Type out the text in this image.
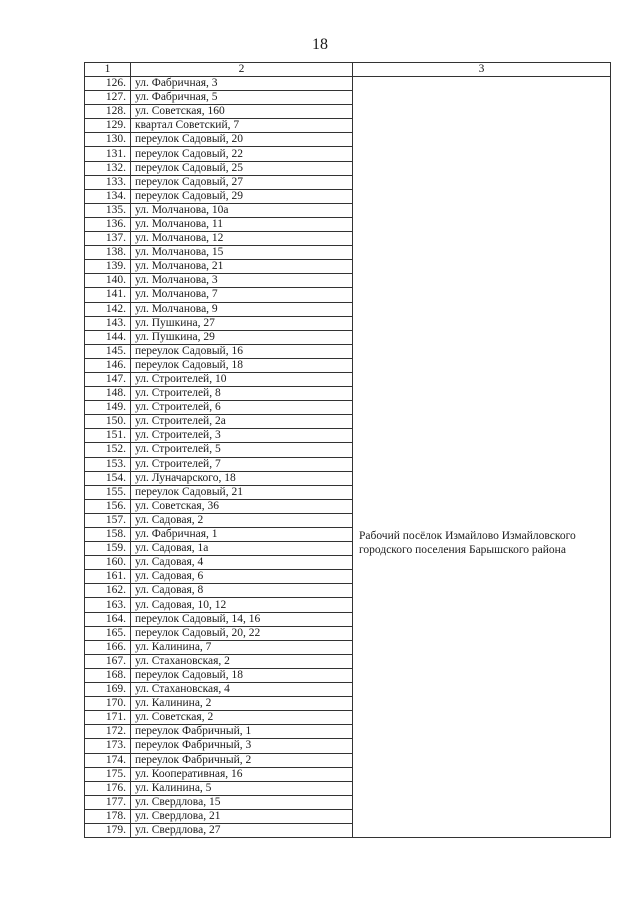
18
1	2	3
126.	ул. Фабричная, 3	Рабочий посёлок Измайлово Измайловского городского поселения Барышского района

127.	ул. Фабричная, 5	
128.	ул. Советская, 160	
129.	квартал Советский, 7	
130.	переулок Садовый, 20	
131.	переулок Садовый, 22	
132.	переулок Садовый, 25	
133.	переулок Садовый, 27	
134.	переулок Садовый, 29	
135.	ул. Молчанова, 10а	
136.	ул. Молчанова, 11	
137.	ул. Молчанова, 12	
138.	ул. Молчанова, 15	
139.	ул. Молчанова, 21	
140.	ул. Молчанова, 3	
141.	ул. Молчанова, 7	
142.	ул. Молчанова, 9	
143.	ул. Пушкина, 27	
144.	ул. Пушкина, 29	
145.	переулок Садовый, 16	
146.	переулок Садовый, 18	
147.	ул. Строителей, 10	
148.	ул. Строителей, 8	
149.	ул. Строителей, 6	
150.	ул. Строителей, 2а	
151.	ул. Строителей, 3	
152.	ул. Строителей, 5	
153.	ул. Строителей, 7	
154.	ул. Луначарского, 18	
155.	переулок Садовый, 21	
156.	ул. Советская, 36	
157.	ул. Садовая, 2	
158.	ул. Фабричная, 1	
159.	ул. Садовая, 1а	
160.	ул. Садовая, 4	
161.	ул. Садовая, 6	
162.	ул. Садовая, 8	
163.	ул. Садовая, 10, 12	
164.	переулок Садовый, 14, 16	
165.	переулок Садовый, 20, 22	
166.	ул. Калинина, 7	
167.	ул. Стахановская, 2	
168.	переулок Садовый, 18	
169.	ул. Стахановская, 4	
170.	ул. Калинина, 2	
171.	ул. Советская, 2	
172.	переулок Фабричный, 1	
173.	переулок Фабричный, 3	
174.	переулок Фабричный, 2	
175.	ул. Кооперативная, 16	
176.	ул. Калинина, 5	
177.	ул. Свердлова, 15	
178.	ул. Свердлова, 21	
179.	ул. Свердлова, 27	
